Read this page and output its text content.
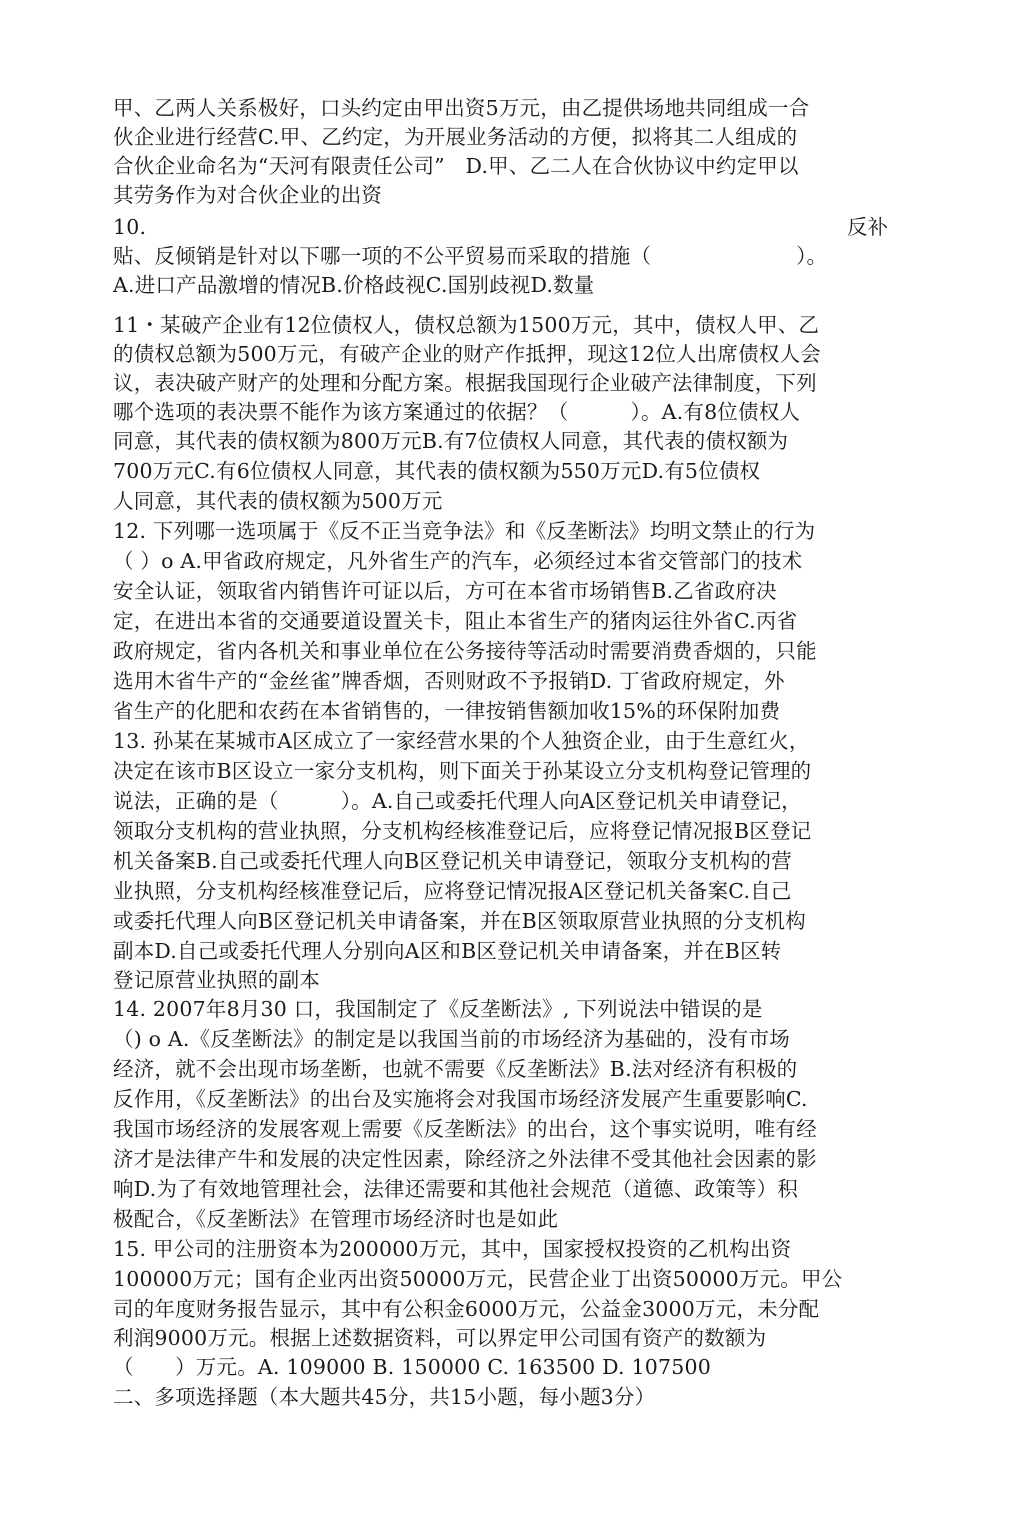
甲、乙两人关系极好，口头约定由甲出资5万元，由乙提供场地共同组成一合
伙企业进行经营C.甲、乙约定，为开展业务活动的方便，拟将其二人组成的
合伙企业命名为“天河有限责任公司”　D.甲、乙二人在合伙协议中约定甲以
其劳务作为对合伙企业的出资
10.	反补
贴、反倾销是针对以下哪一项的不公平贸易而采取的措施（　　　　　　　）。
A.进口产品激增的情况B.价格歧视C.国别歧视D.数量
11・某破产企业有12位债权人，债权总额为1500万元，其中，债权人甲、乙
的债权总额为500万元，有破产企业的财产作抵押，现这12位人出席债权人会
议，表决破产财产的处理和分配方案。根据我国现行企业破产法律制度，下列
哪个选项的表决票不能作为该方案通过的依据？（　　　）。A.有8位债权人
同意，其代表的债权额为800万元B.有7位债权人同意，其代表的债权额为
700万元C.有6位债权人同意，其代表的债权额为550万元D.有5位债权
人同意，其代表的债权额为500万元
12. 下列哪一选项属于《反不正当竞争法》和《反垄断法》均明文禁止的行为
（ ）o A.甲省政府规定，凡外省生产的汽车，必须经过本省交管部门的技术
安全认证，领取省内销售许可证以后，方可在本省市场销售B.乙省政府决
定，在进出本省的交通要道设置关卡，阻止本省生产的猪肉运往外省C.丙省
政府规定，省内各机关和事业单位在公务接待等活动时需要消费香烟的，只能
选用木省牛产的“金丝雀”牌香烟，否则财政不予报销D. 丁省政府规定，外
省生产的化肥和农药在本省销售的，一律按销售额加收15%的环保附加费
13. 孙某在某城市A区成立了一家经营水果的个人独资企业，由于生意红火，
决定在该市B区设立一家分支机构，则下面关于孙某设立分支机构登记管理的
说法，正确的是（　　　）。A.自己或委托代理人向A区登记机关申请登记，
领取分支机构的营业执照，分支机构经核准登记后，应将登记情况报B区登记
机关备案B.自己或委托代理人向B区登记机关申请登记，领取分支机构的营
业执照，分支机构经核准登记后，应将登记情况报A区登记机关备案C.自己
或委托代理人向B区登记机关申请备案，并在B区领取原营业执照的分支机构
副本D.自己或委托代理人分别向A区和B区登记机关申请备案，并在B区转
登记原营业执照的副本
14. 2007年8月30 口，我国制定了《反垄断法》, 下列说法中错误的是
（) o A.《反垄断法》的制定是以我国当前的市场经济为基础的，没有市场
经济，就不会出现市场垄断，也就不需要《反垄断法》B.法对经济有积极的
反作用，《反垄断法》的出台及实施将会对我国市场经济发展产生重要影响C.
我国市场经济的发展客观上需要《反垄断法》的出台，这个事实说明，唯有经
济才是法律产牛和发展的决定性因素，除经济之外法律不受其他社会因素的影
响D.为了有效地管理社会，法律还需要和其他社会规范（道德、政策等）积
极配合，《反垄断法》在管理市场经济时也是如此
15. 甲公司的注册资本为200000万元，其中，国家授权投资的乙机构出资
100000万元；国有企业丙出资50000万元，民营企业丁出资50000万元。甲公
司的年度财务报告显示，其中有公积金6000万元，公益金3000万元，未分配
利润9000万元。根据上述数据资料，可以界定甲公司国有资产的数额为
（　　）万元。A. 109000 B. 150000 C. 163500 D. 107500
二、多项选择题（本大题共45分，共15小题，每小题3分）
